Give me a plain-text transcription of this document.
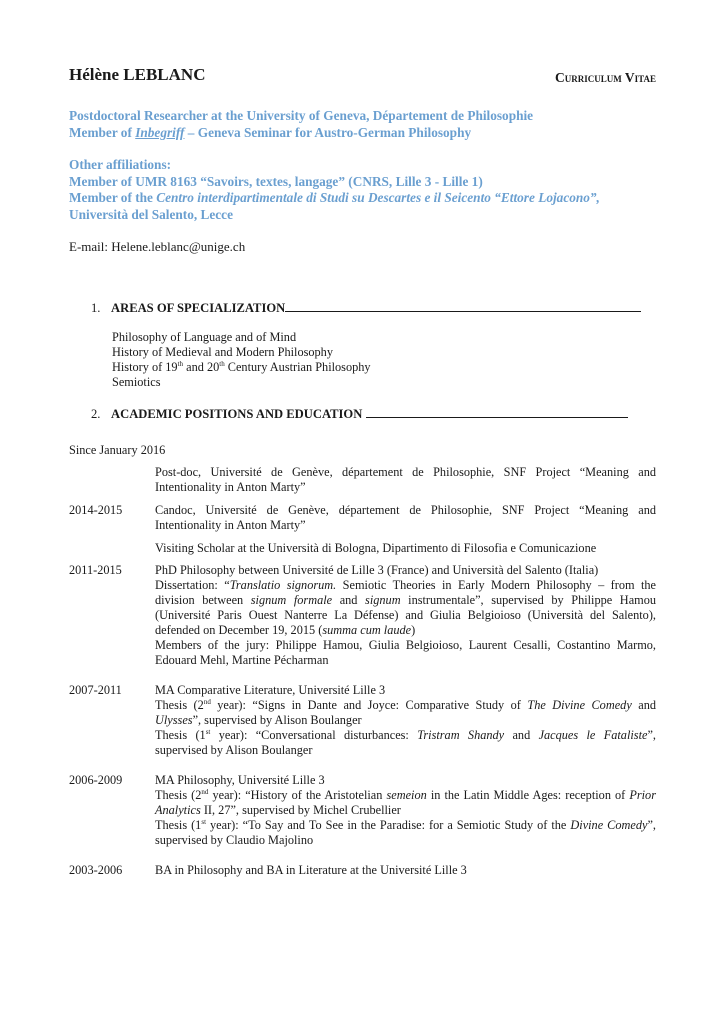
Hélène LEBLANC	Curriculum Vitae
Postdoctoral Researcher at the University of Geneva, Département de Philosophie
Member of Inbegriff – Geneva Seminar for Austro-German Philosophy
Other affiliations:
Member of UMR 8163 “Savoirs, textes, langage” (CNRS, Lille 3 - Lille 1)
Member of the Centro interdipartimentale di Studi su Descartes e il Seicento “Ettore Lojacono”, Università del Salento, Lecce
E-mail: Helene.leblanc@unige.ch
1. AREAS OF SPECIALIZATION
Philosophy of Language and of Mind
History of Medieval and Modern Philosophy
History of 19th and 20th Century Austrian Philosophy
Semiotics
2. ACADEMIC POSITIONS AND EDUCATION
Since January 2016
Post-doc, Université de Genève, département de Philosophie, SNF Project “Meaning and Intentionality in Anton Marty”
2014-2015	Candoc, Université de Genève, département de Philosophie, SNF Project “Meaning and Intentionality in Anton Marty”

Visiting Scholar at the Università di Bologna, Dipartimento di Filosofia e Comunicazione

2011-2015	PhD Philosophy between Université de Lille 3 (France) and Università del Salento (Italia)

Dissertation: “Translatio signorum. Semiotic Theories in Early Modern Philosophy – from the division between signum formale and signum instrumentale”, supervised by Philippe Hamou (Université Paris Ouest Nanterre La Défense) and Giulia Belgioioso (Università del Salento), defended on December 19, 2015 (summa cum laude)

Members of the jury: Philippe Hamou, Giulia Belgioioso, Laurent Cesalli, Costantino Marmo, Edouard Mehl, Martine Pécharman

2007-2011	MA Comparative Literature, Université Lille 3

Thesis (2nd year): “Signs in Dante and Joyce: Comparative Study of The Divine Comedy and Ulysses”, supervised by Alison Boulanger

Thesis (1st year): “Conversational disturbances: Tristram Shandy and Jacques le Fataliste”, supervised by Alison Boulanger

2006-2009	MA Philosophy, Université Lille 3

Thesis (2nd year): “History of the Aristotelian semeion in the Latin Middle Ages: reception of Prior Analytics II, 27”, supervised by Michel Crubellier

Thesis (1st year): “To Say and To See in the Paradise: for a Semiotic Study of the Divine Comedy”, supervised by Claudio Majolino

2003-2006	BA in Philosophy and BA in Literature at the Université Lille 3
